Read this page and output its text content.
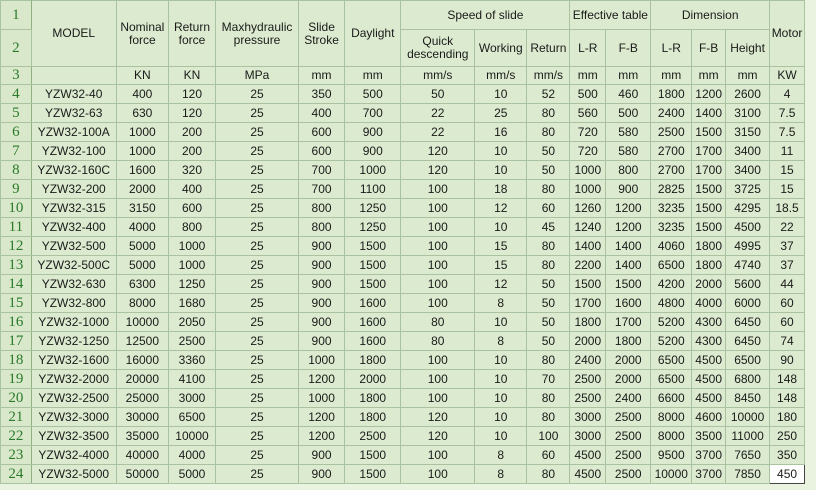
1	MODEL	Nominal force	Return force	Maxhydraulic pressure	Slide Stroke	Daylight	Speed of slide			Effective table		Dimension			Motor
2							Quick descending	Working	Return	L-R	F-B	L-R	F-B	Height	
3		KN	KN	MPa	mm	mm	mm/s	mm/s	mm/s	mm	mm	mm	mm	mm	KW
4	YZW32-40	400	120	25	350	500	50	10	52	500	460	1800	1200	2600	4
5	YZW32-63	630	120	25	400	700	22	25	80	560	500	2400	1400	3100	7.5
6	YZW32-100A	1000	200	25	600	900	22	16	80	720	580	2500	1500	3150	7.5
7	YZW32-100	1000	200	25	600	900	120	10	50	720	580	2700	1700	3400	11
8	YZW32-160C	1600	320	25	700	1000	120	10	50	1000	800	2700	1700	3400	15
9	YZW32-200	2000	400	25	700	1100	100	18	80	1000	900	2825	1500	3725	15
10	YZW32-315	3150	600	25	800	1250	100	12	60	1260	1200	3235	1500	4295	18.5
11	YZW32-400	4000	800	25	800	1250	100	10	45	1240	1200	3235	1500	4500	22
12	YZW32-500	5000	1000	25	900	1500	100	15	80	1400	1400	4060	1800	4995	37
13	YZW32-500C	5000	1000	25	900	1500	100	15	80	2200	1400	6500	1800	4740	37
14	YZW32-630	6300	1250	25	900	1500	100	12	50	1500	1500	4200	2000	5600	44
15	YZW32-800	8000	1680	25	900	1600	100	8	50	1700	1600	4800	4000	6000	60
16	YZW32-1000	10000	2050	25	900	1600	80	10	50	1800	1700	5200	4300	6450	60
17	YZW32-1250	12500	2500	25	900	1600	80	8	50	2000	1800	5200	4300	6450	74
18	YZW32-1600	16000	3360	25	1000	1800	100	10	80	2400	2000	6500	4500	6500	90
19	YZW32-2000	20000	4100	25	1200	2000	100	10	70	2500	2000	6500	4500	6800	148
20	YZW32-2500	25000	3000	25	1000	1800	100	10	80	2500	2400	6600	4500	8450	148
21	YZW32-3000	30000	6500	25	1200	1800	120	10	80	3000	2500	8000	4600	10000	180
22	YZW32-3500	35000	10000	25	1200	2500	120	10	100	3000	2500	8000	3500	11000	250
23	YZW32-4000	40000	4000	25	900	1500	100	8	60	4500	2500	9500	3700	7650	350
24	YZW32-5000	50000	5000	25	900	1500	100	8	80	4500	2500	10000	3700	7850	450
